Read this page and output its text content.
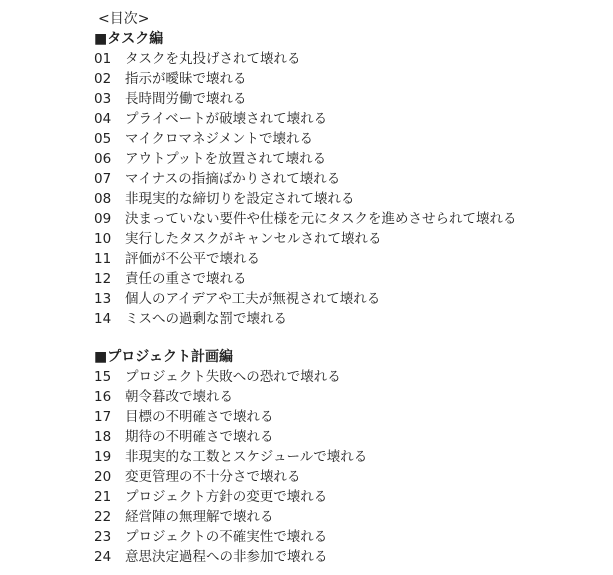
<目次>
■タスク編
01	タスクを丸投げされて壊れる
02	指示が曖昧で壊れる
03	長時間労働で壊れる
04	プライベートが破壊されて壊れる
05	マイクロマネジメントで壊れる
06	アウトプットを放置されて壊れる
07	マイナスの指摘ばかりされて壊れる
08	非現実的な締切りを設定されて壊れる
09	決まっていない要件や仕様を元にタスクを進めさせられて壊れる
10	実行したタスクがキャンセルされて壊れる
11	評価が不公平で壊れる
12	責任の重さで壊れる
13	個人のアイデアや工夫が無視されて壊れる
14	ミスへの過剰な罰で壊れる
■プロジェクト計画編
15	プロジェクト失敗への恐れで壊れる
16	朝令暮改で壊れる
17	目標の不明確さで壊れる
18	期待の不明確さで壊れる
19	非現実的な工数とスケジュールで壊れる
20	変更管理の不十分さで壊れる
21	プロジェクト方針の変更で壊れる
22	経営陣の無理解で壊れる
23	プロジェクトの不確実性で壊れる
24	意思決定過程への非参加で壊れる
